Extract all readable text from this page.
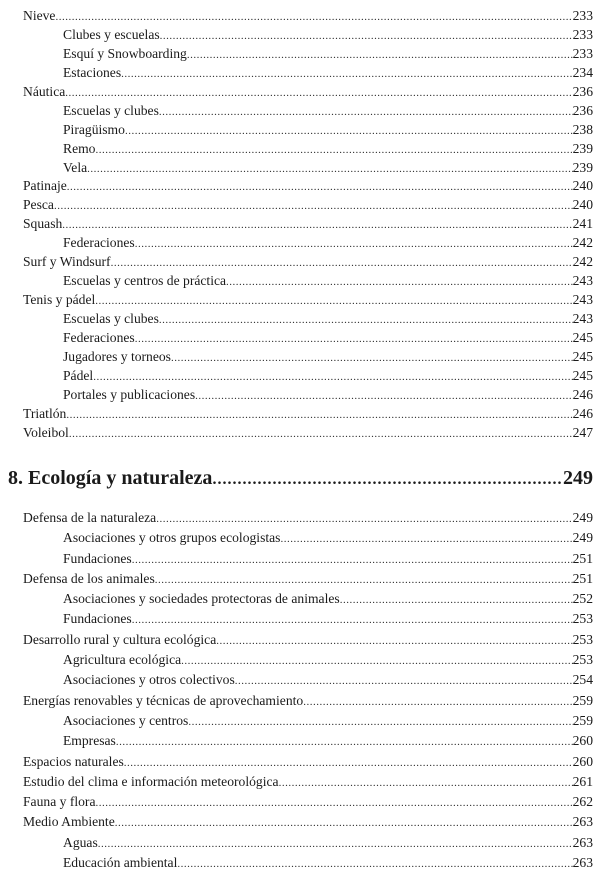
Nieve .....	233
Clubes y escuelas .....	233
Esquí y Snowboarding .....	233
Estaciones .....	234
Náutica .....	236
Escuelas y clubes .....	236
Piragüismo .....	238
Remo .....	239
Vela .....	239
Patinaje .....	240
Pesca .....	240
Squash .....	241
Federaciones .....	242
Surf y Windsurf .....	242
Escuelas y centros de práctica .....	243
Tenis y pádel .....	243
Escuelas y clubes .....	243
Federaciones .....	245
Jugadores y torneos .....	245
Pádel .....	245
Portales y publicaciones .....	246
Triatlón .....	246
Voleibol .....	247
8. Ecología y naturaleza .....	249
Defensa de la naturaleza .....	249
Asociaciones y otros grupos ecologistas .....	249
Fundaciones .....	251
Defensa de los animales .....	251
Asociaciones y sociedades protectoras de animales .....	252
Fundaciones .....	253
Desarrollo rural y cultura ecológica .....	253
Agricultura ecológica .....	253
Asociaciones y otros colectivos .....	254
Energías renovables y técnicas de aprovechamiento .....	259
Asociaciones y centros .....	259
Empresas .....	260
Espacios naturales .....	260
Estudio del clima e información meteorológica .....	261
Fauna y flora .....	262
Medio Ambiente .....	263
Aguas .....	263
Educación ambiental .....	263
